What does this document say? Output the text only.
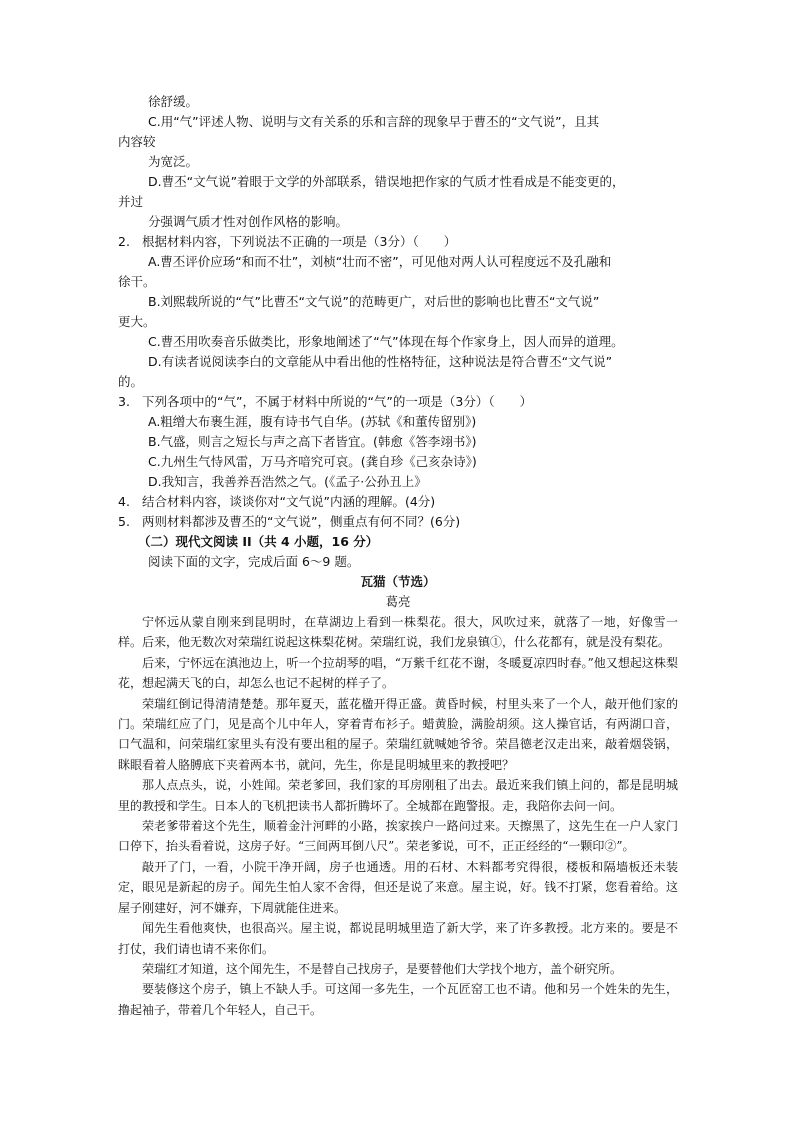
徐舒缓。
C.用“气”评述人物、说明与文有关系的乐和言辞的现象早于曹丕的“文气说”，且其
内容较
为宽泛。
D.曹丕“文气说”着眼于文学的外部联系，错误地把作家的气质才性看成是不能变更的，
并过
分强调气质才性对创作风格的影响。
2. 根据材料内容，下列说法不正确的一项是（3分）（　　）
A.曹丕评价应玚“和而不壮”，刘桢“壮而不密”，可见他对两人认可程度远不及孔融和
徐干。
B.刘熙载所说的“气”比曹丕“文气说”的范畴更广，对后世的影响也比曹丕“文气说”
更大。
C.曹丕用吹奏音乐做类比，形象地阐述了“气”体现在每个作家身上，因人而异的道理。
D.有读者说阅读李白的文章能从中看出他的性格特征，这种说法是符合曹丕“文气说”
的。
3. 下列各项中的“气”，不属于材料中所说的“气”的一项是（3分）（　　）
A.粗缯大布裹生涯，腹有诗书气自华。(苏轼《和董传留别》)
B.气盛，则言之短长与声之高下者皆宜。(韩愈《答李翊书》)
C.九州生气恃风雷，万马齐喑究可哀。(龚自珍《己亥杂诗》)
D.我知言，我善养吾浩然之气。(《孟子·公孙丑上》
4. 结合材料内容，谈谈你对“文气说”内涵的理解。(4分)
5. 两则材料都涉及曹丕的“文气说”，侧重点有何不同？(6分)
（二）现代文阅读 II（共 4 小题，16 分）
阅读下面的文字，完成后面 6～9 题。
瓦猫（节选）
葛亮

宁怀远从蒙自刚来到昆明时，在草湖边上看到一株梨花。很大，风吹过来，就落了一地，好像雪一样。后来，他无数次对荣瑞红说起这株梨花树。荣瑞红说，我们龙泉镇①，什么花都有，就是没有梨花。

后来，宁怀远在滇池边上，听一个拉胡琴的唱，“万紫千红花不谢，冬暖夏凉四时春。”他又想起这株梨花，想起满天飞的白，却怎么也记不起树的样子了。

荣瑞红倒记得清清楚楚。那年夏天，蓝花楹开得正盛。黄昏时候，村里头来了一个人，敲开他们家的门。荣瑞红应了门，见是高个儿中年人，穿着青布衫子。蜡黄脸，满脸胡须。这人操官话，有两湖口音，口气温和，问荣瑞红家里头有没有要出租的屋子。荣瑞红就喊她爷爷。荣昌德老汉走出来，敲着烟袋锅，眯眼看着人胳膊底下夹着两本书，就问，先生，你是昆明城里来的教授吧？

那人点点头，说，小姓闻。荣老爹回，我们家的耳房刚租了出去。最近来我们镇上问的，都是昆明城里的教授和学生。日本人的飞机把读书人都折腾坏了。全城都在跑警报。走，我陪你去问一问。

荣老爹带着这个先生，顺着金汁河畔的小路，挨家挨户一路问过来。天擦黑了，这先生在一户人家门口停下，抬头看着说，这房子好。“三间两耳倒八尺”。荣老爹说，可不，正正经经的“一颗印②”。

敲开了门，一看，小院干净开阔，房子也通透。用的石材、木料都考究得很，楼板和隔墙板还未装定，眼见是新起的房子。闻先生怕人家不舍得，但还是说了来意。屋主说，好。钱不打紧，您看着给。这屋子刚建好，河不嫌弃，下周就能住进来。

闻先生看他爽快，也很高兴。屋主说，都说昆明城里造了新大学，来了许多教授。北方来的。要是不打仗，我们请也请不来你们。

荣瑞红才知道，这个闻先生，不是替自己找房子，是要替他们大学找个地方，盖个研究所。

要装修这个房子，镇上不缺人手。可这闻一多先生，一个瓦匠窑工也不请。他和另一个姓朱的先生，撸起袖子，带着几个年轻人，自己干。
